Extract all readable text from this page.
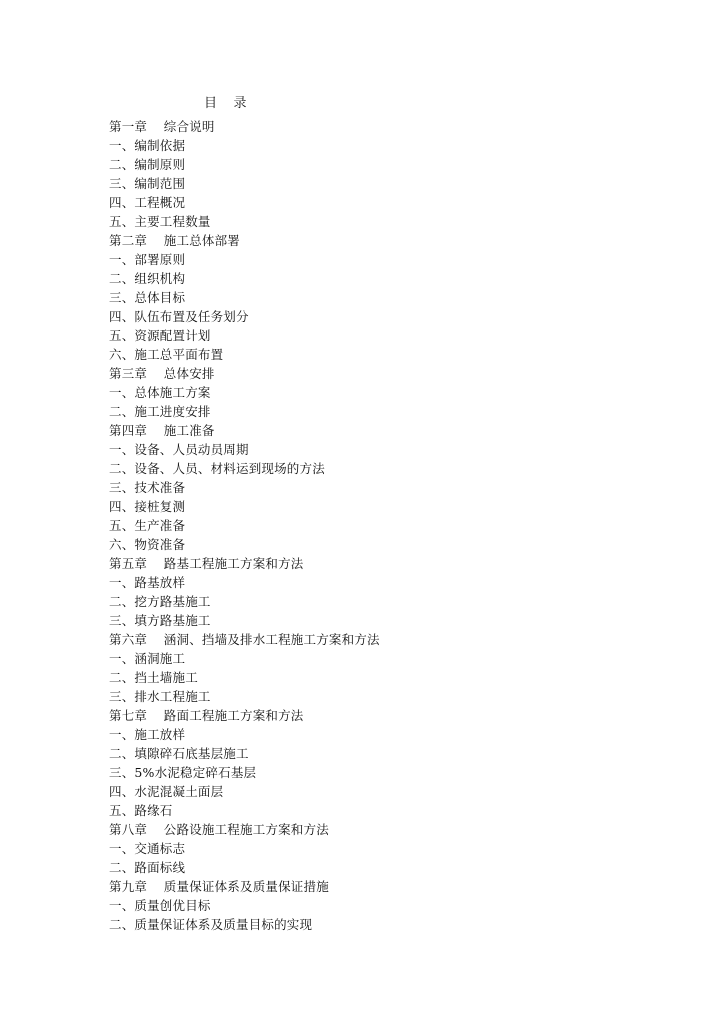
目    录
第一章    综合说明
一、编制依据
二、编制原则
三、编制范围
四、工程概况
五、主要工程数量
第二章    施工总体部署
一、部署原则
二、组织机构
三、总体目标
四、队伍布置及任务划分
五、资源配置计划
六、施工总平面布置
第三章    总体安排
一、总体施工方案
二、施工进度安排
第四章    施工准备
一、设备、人员动员周期
二、设备、人员、材料运到现场的方法
三、技术准备
四、接桩复测
五、生产准备
六、物资准备
第五章    路基工程施工方案和方法
一、路基放样
二、挖方路基施工
三、填方路基施工
第六章    涵洞、挡墙及排水工程施工方案和方法
一、涵洞施工
二、挡土墙施工
三、排水工程施工
第七章    路面工程施工方案和方法
一、施工放样
二、填隙碎石底基层施工
三、5%水泥稳定碎石基层
四、水泥混凝土面层
五、路缘石
第八章    公路设施工程施工方案和方法
一、交通标志
二、路面标线
第九章    质量保证体系及质量保证措施
一、质量创优目标
二、质量保证体系及质量目标的实现
